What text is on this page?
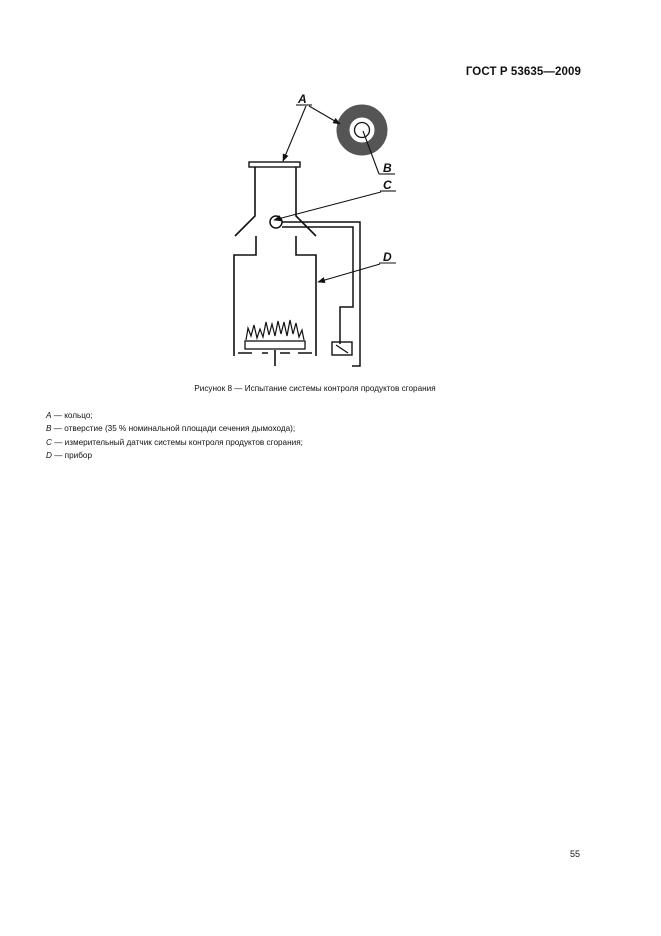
ГОСТ Р 53635—2009
A
B
C
D
Рисунок 8 — Испытание системы контроля продуктов сгорания
A — кольцо;
B — отверстие (35 % номинальной площади сечения дымохода);
C — измерительный датчик системы контроля продуктов сгорания;
D — прибор
55
